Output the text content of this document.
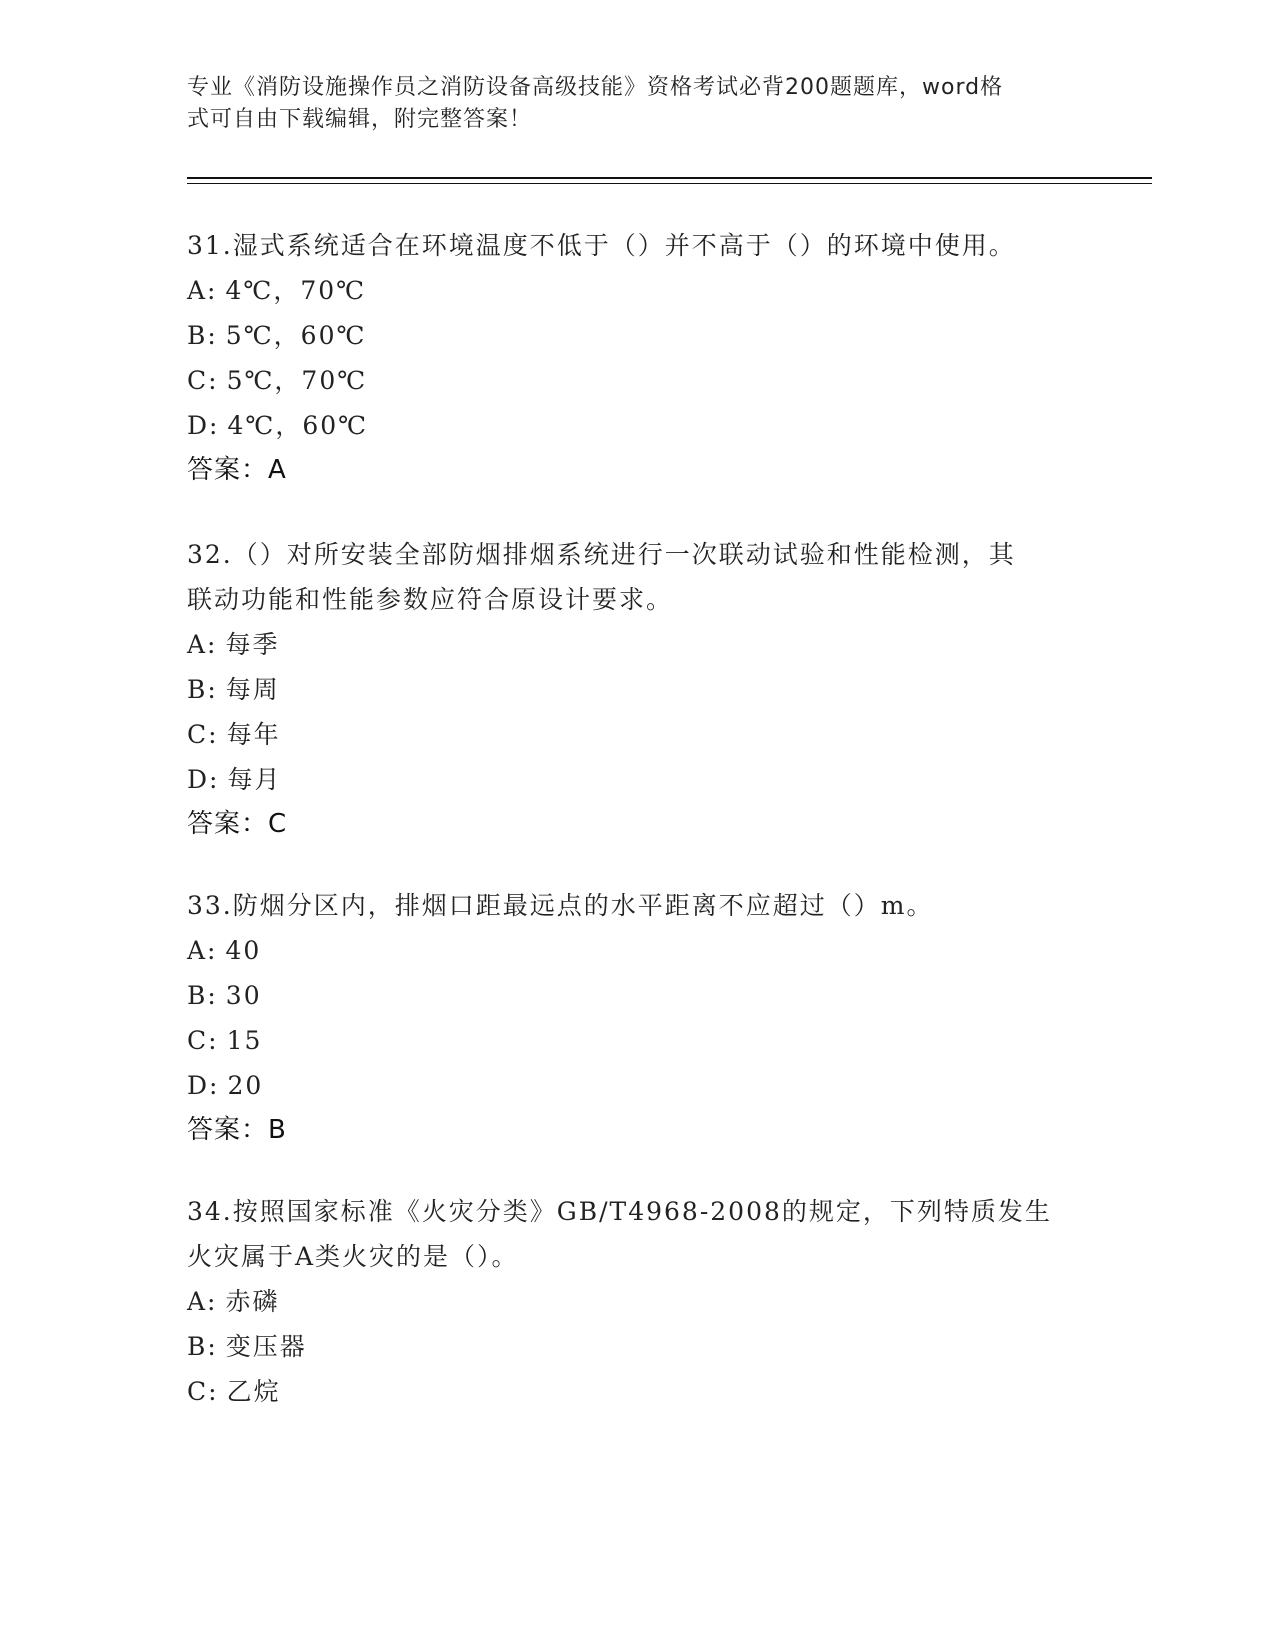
专业《消防设施操作员之消防设备高级技能》资格考试必背200题题库，word格
式可自由下载编辑，附完整答案！

31.湿式系统适合在环境温度不低于（）并不高于（）的环境中使用。

A: 4℃，70℃

B: 5℃，60℃

C: 5℃，70℃

D: 4℃，60℃

答案：A

32.（）对所安装全部防烟排烟系统进行一次联动试验和性能检测，其

联动功能和性能参数应符合原设计要求。

A: 每季

B: 每周

C: 每年

D: 每月

答案：C

33.防烟分区内，排烟口距最远点的水平距离不应超过（）m。

A: 40

B: 30

C: 15

D: 20

答案：B

34.按照国家标准《火灾分类》GB/T4968-2008的规定，下列特质发生

火灾属于A类火灾的是（）。

A: 赤磷

B: 变压器

C: 乙烷
